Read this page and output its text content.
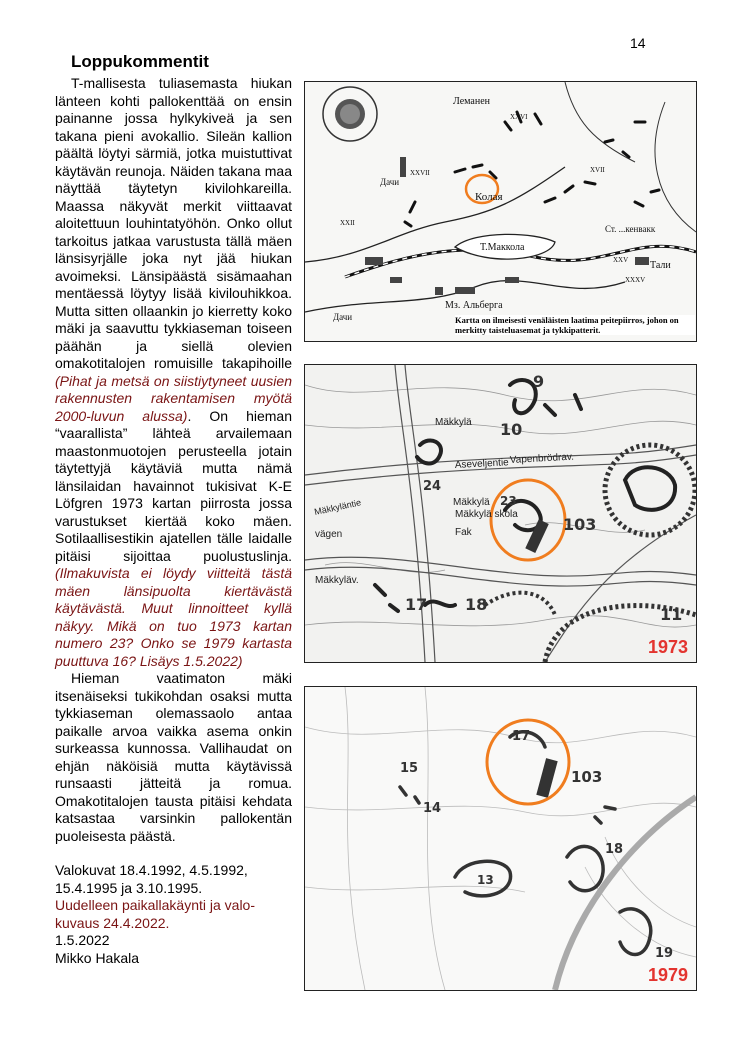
14
Loppukommentit

T-mallisesta tuliasemasta hiukan länteen kohti pallokenttää on ensin painanne jossa hylkykiveä ja sen takana pieni avokallio. Sileän kallion päältä löytyi särmiä, jotka muistuttivat käytävän reunoja. Näiden takana maa näyttää täytetyn kivilohkareilla. Maassa näkyvät merkit viittaavat aloitettuun louhintatyöhön. Onko ollut tarkoitus jatkaa varustusta tällä mäen länsisyrjälle joka nyt jää hiukan avoimeksi. Länsipäästä sisämaahan mentäessä löytyy lisää kivilouhikkoa. Mutta sitten ollaankin jo kierretty koko mäki ja saavuttu tykkiaseman toiseen päähän ja siellä olevien omakotitalojen romuisille takapihoille (Pihat ja metsä on siistiytyneet uusien rakennusten rakentamisen myötä 2000-luvun alussa). On hieman “vaarallista” lähteä arvailemaan maastonmuotojen perusteella jotain täytettyjä käytäviä mutta nämä länsilaidan havainnot tukisivat K-E Löfgren 1973 kartan piirrosta jossa varustukset kiertää koko mäen. Sotilaallisestikin ajatellen tälle laidalle pitäisi sijoittaa puolustuslinja. (Ilmakuvista ei löydy viitteitä tästä mäen länsipuolta kiertävästä käytävästä. Muut linnoitteet kyllä näkyy. Mikä on tuo 1973 kartan numero 23? Onko se 1979 kartasta puuttuva 16? Lisäys 1.5.2022)

Hieman vaatimaton mäki itsenäiseksi tukikohdan osaksi mutta tykkiaseman olemassaolo antaa paikalle arvoa vaikka asema onkin surkeassa kunnossa. Vallihaudat on ehjän näköisiä mutta käytävissä runsaasti jätteitä ja romua. Omakotitalojen tausta pitäisi kehdata katsastaa varsinkin pallokentän puoleisesta päästä.

Valokuvat 18.4.1992, 4.5.1992,
15.4.1995 ja 3.10.1995.
Uudelleen paikallakäynti ja valo-
kuvaus 24.4.2022.
1.5.2022
Mikko Hakala
Леманен
Колая
Дачи
Дачи
Т.Маккола
Мз. Альберга
Ст. ...кенвакк
Тали
XXVII
XXII
XXV
XXXV
XXVI
XVII
Kartta on ilmeisesti venäläisten laatima peitepiirros, johon on
merkitty taisteluasemat ja tykkipatterit.
Aseveljentie Vapenbrödrav.
Mäkkylä
Mäkkylä skola
Mäkkylä
Mäkkyläv.
Fak
vägen
Mäkkyläntie
9
10
24
23
103
17 18
11
1973
17
15	103
14
18
13
19
1979
